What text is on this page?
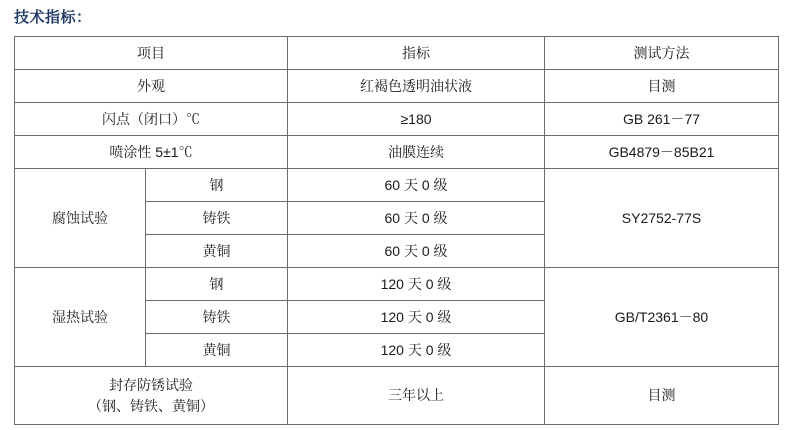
技术指标：
项目		指标	测试方法
外观		红褐色透明油状液	目测
闪点（闭口）℃		≥180	GB 261－77
喷涂性 5±1℃		油膜连续	GB4879－85B21
腐蚀试验	钢	60 天 0 级	SY2752-77S
	铸铁	60 天 0 级	
	黄铜	60 天 0 级	
湿热试验	钢	120 天 0 级	GB/T2361－80
	铸铁	120 天 0 级	
	黄铜	120 天 0 级	

封存防锈试验
（钢、铸铁、黄铜）		三年以上	目测
